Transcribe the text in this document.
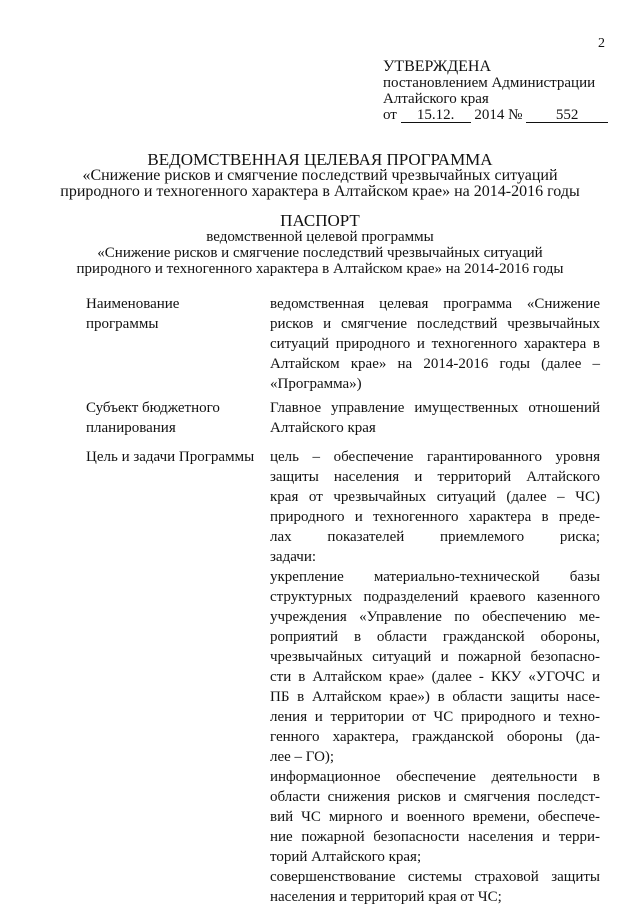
2
УТВЕРЖДЕНА
постановлением Администрации
Алтайского края
от 15.12. 2014 № 552
ВЕДОМСТВЕННАЯ ЦЕЛЕВАЯ ПРОГРАММА
«Снижение рисков и смягчение последствий чрезвычайных ситуаций
природного и техногенного характера в Алтайском крае» на 2014-2016 годы
ПАСПОРТ
ведомственной целевой программы
«Снижение рисков и смягчение последствий чрезвычайных ситуаций
природного и техногенного характера в Алтайском крае» на 2014-2016 годы
Наименование
программы
ведомственная целевая программа «Снижение
рисков и смягчение последствий чрезвычайных
ситуаций природного и техногенного характера в
Алтайском крае» на 2014-2016 годы (далее –
«Программа»)
Субъект бюджетного
планирования
Главное управление имущественных отношений
Алтайского края
Цель и задачи Программы цель – обеспечение гарантированного уровня
защиты населения и территорий Алтайского
края от чрезвычайных ситуаций (далее – ЧС)
природного и техногенного характера в преде-
лах показателей приемлемого риска;
задачи:
укрепление материально-технической базы
структурных подразделений краевого казенного
учреждения «Управление по обеспечению ме-
роприятий в области гражданской обороны,
чрезвычайных ситуаций и пожарной безопасно-
сти в Алтайском крае» (далее - ККУ «УГОЧС и
ПБ в Алтайском крае») в области защиты насе-
ления и территории от ЧС природного и техно-
генного характера, гражданской обороны (да-
лее – ГО);
информационное обеспечение деятельности в
области снижения рисков и смягчения последст-
вий ЧС мирного и военного времени, обеспече-
ние пожарной безопасности населения и терри-
торий Алтайского края;
совершенствование системы страховой защиты
населения и территорий края от ЧС;
